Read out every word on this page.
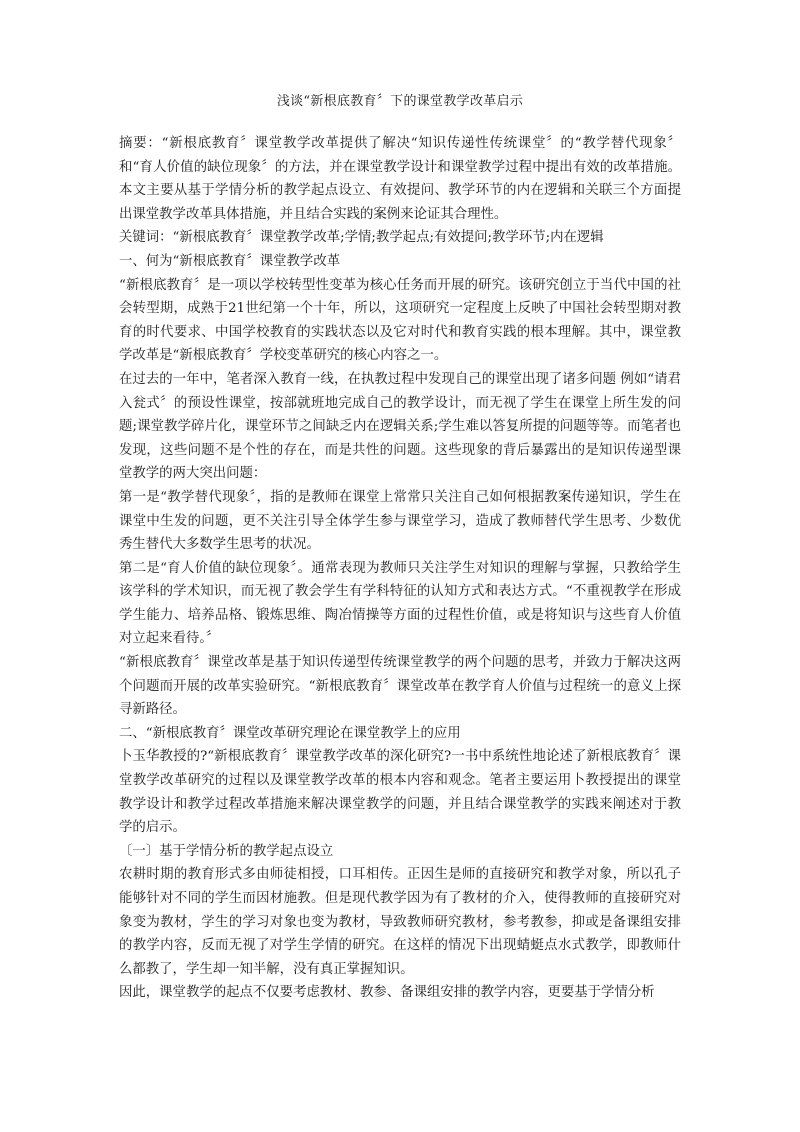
浅谈“新根底教育〞下的课堂教学改革启示

摘要：“新根底教育〞课堂教学改革提供了解决“知识传递性传统课堂〞的“教学替代现象〞和“育人价值的缺位现象〞的方法，并在课堂教学设计和课堂教学过程中提出有效的改革措施。本文主要从基于学情分析的教学起点设立、有效提问、教学环节的内在逻辑和关联三个方面提出课堂教学改革具体措施，并且结合实践的案例来论证其合理性。

关键词：“新根底教育〞课堂教学改革;学情;教学起点;有效提问;教学环节;内在逻辑

一、何为“新根底教育〞课堂教学改革

“新根底教育〞是一项以学校转型性变革为核心任务而开展的研究。该研究创立于当代中国的社会转型期，成熟于21世纪第一个十年，所以，这项研究一定程度上反映了中国社会转型期对教育的时代要求、中国学校教育的实践状态以及它对时代和教育实践的根本理解。其中，课堂教学改革是“新根底教育〞学校变革研究的核心内容之一。

在过去的一年中，笔者深入教育一线，在执教过程中发现自己的课堂出现了诸多问题 例如“请君入瓮式〞的预设性课堂，按部就班地完成自己的教学设计，而无视了学生在课堂上所生发的问题;课堂教学碎片化，课堂环节之间缺乏内在逻辑关系;学生难以答复所提的问题等等。而笔者也发现，这些问题不是个性的存在，而是共性的问题。这些现象的背后暴露出的是知识传递型课堂教学的两大突出问题：

第一是“教学替代现象〞，指的是教师在课堂上常常只关注自己如何根据教案传递知识，学生在课堂中生发的问题，更不关注引导全体学生参与课堂学习，造成了教师替代学生思考、少数优秀生替代大多数学生思考的状况。

第二是“育人价值的缺位现象〞。通常表现为教师只关注学生对知识的理解与掌握，只教给学生该学科的学术知识，而无视了教会学生有学科特征的认知方式和表达方式。“不重视教学在形成学生能力、培养品格、锻炼思维、陶冶情操等方面的过程性价值，或是将知识与这些育人价值对立起来看待。〞

“新根底教育〞课堂改革是基于知识传递型传统课堂教学的两个问题的思考，并致力于解决这两个问题而开展的改革实验研究。“新根底教育〞课堂改革在教学育人价值与过程统一的意义上探寻新路径。

二、“新根底教育〞课堂改革研究理论在课堂教学上的应用

卜玉华教授的?“新根底教育〞课堂教学改革的深化研究?一书中系统性地论述了新根底教育〞课堂教学改革研究的过程以及课堂教学改革的根本内容和观念。笔者主要运用卜教授提出的课堂教学设计和教学过程改革措施来解决课堂教学的问题，并且结合课堂教学的实践来阐述对于教学的启示。

〔一〕基于学情分析的教学起点设立

农耕时期的教育形式多由师徒相授，口耳相传。正因生是师的直接研究和教学对象，所以孔子能够针对不同的学生而因材施教。但是现代教学因为有了教材的介入，使得教师的直接研究对象变为教材，学生的学习对象也变为教材，导致教师研究教材，参考教参，抑或是备课组安排的教学内容，反而无视了对学生学情的研究。在这样的情况下出现蜻蜓点水式教学，即教师什么都教了，学生却一知半解，没有真正掌握知识。

因此，课堂教学的起点不仅要考虑教材、教参、备课组安排的教学内容，更要基于学情分析
